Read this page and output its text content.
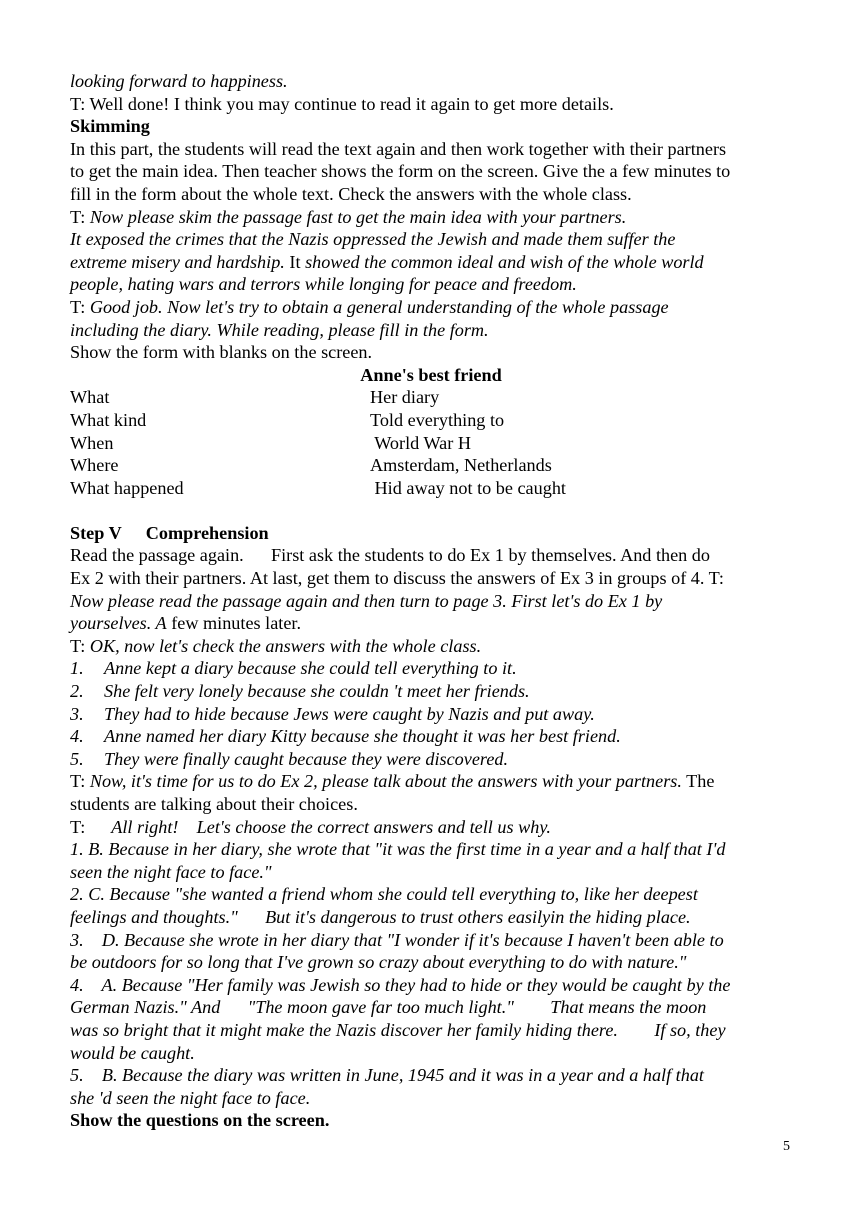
looking forward to happiness.
T: Well done! I think you may continue to read it again to get more details.
Skimming
In this part, the students will read the text again and then work together with their partners
to get the main idea. Then teacher shows the form on the screen. Give the a few minutes to
fill in the form about the whole text. Check the answers with the whole class.
T: Now please skim the passage fast to get the main idea with your partners.
It exposed the crimes that the Nazis oppressed the Jewish and made them suffer the
extreme misery and hardship. It showed the common ideal and wish of the whole world
people, hating wars and terrors while longing for peace and freedom.
T: Good job. Now let's try to obtain a general understanding of the whole passage
including the diary. While reading, please fill in the form.
Show the form with blanks on the screen.
Anne's best friend
What	Her diary
What kind	Told everything to
When	World War H
Where	Amsterdam, Netherlands
What happened	Hid away not to be caught
Step V Comprehension
Read the passage again.      First ask the students to do Ex 1 by themselves. And then do
Ex 2 with their partners. At last, get them to discuss the answers of Ex 3 in groups of 4. T:
Now please read the passage again and then turn to page 3. First let's do Ex 1 by
yourselves. A few minutes later.
T: OK, now let's check the answers with the whole class.
1.	Anne kept a diary because she could tell everything to it.
2.	She felt very lonely because she couldn 't meet her friends.
3.	They had to hide because Jews were caught by Nazis and put away.
4.	Anne named her diary Kitty because she thought it was her best friend.
5.	They were finally caught because they were discovered.
T: Now, it's time for us to do Ex 2, please talk about the answers with your partners. The
students are talking about their choices.
T: All right!    Let's choose the correct answers and tell us why.
1. B. Because in her diary, she wrote that "it was the first time in a year and a half that I'd
seen the night face to face."
2. C. Because "she wanted a friend whom she could tell everything to, like her deepest
feelings and thoughts."      But it's dangerous to trust others easilyin the hiding place.
3.    D. Because she wrote in her diary that "I wonder if it's because I haven't been able to
be outdoors for so long that I've grown so crazy about everything to do with nature."
4.    A. Because "Her family was Jewish so they had to hide or they would be caught by the
German Nazis." And      "The moon gave far too much light."        That means the moon
was so bright that it might make the Nazis discover her family hiding there.        If so, they
would be caught.
5.    B. Because the diary was written in June, 1945 and it was in a year and a half that
she 'd seen the night face to face.
Show the questions on the screen.
5
